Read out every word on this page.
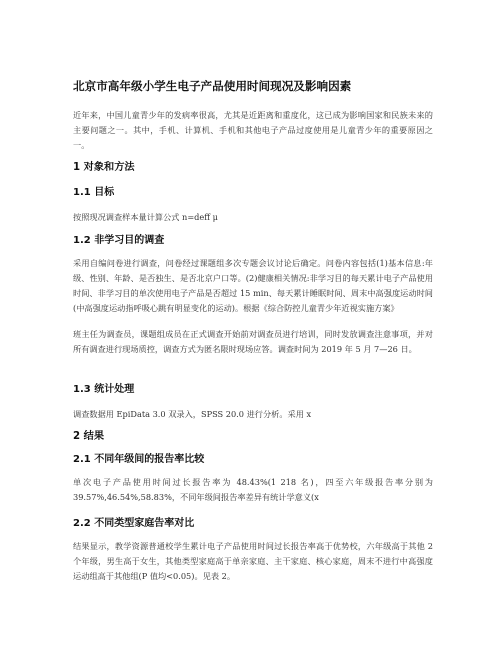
北京市高年级小学生电子产品使用时间现况及影响因素

近年来，中国儿童青少年的发病率很高，尤其是近距离和重度化，这已成为影响国家和民族未来的主要问题之一。其中，手机、计算机、手机和其他电子产品过度使用是儿童青少年的重要原因之一。

1 对象和方法
1.1 目标

按照现况调查样本量计算公式 n=deff μ

1.2 非学习目的调查

采用自编问卷进行调查，问卷经过课题组多次专题会议讨论后确定。问卷内容包括(1)基本信息:年级、性别、年龄、是否独生、是否北京户口等。(2)健康相关情况:非学习目的每天累计电子产品使用时间、非学习目的单次使用电子产品是否超过 15 min、每天累计睡眠时间、周末中高强度运动时间(中高强度运动指呼吸心跳有明显变化的运动)。根据《综合防控儿童青少年近视实施方案》

班主任为调查员，课题组成员在正式调查开始前对调查员进行培训，同时发放调查注意事项，并对所有调查进行现场质控，调查方式为匿名限时现场应答。调查时间为 2019 年 5 月 7—26 日。

1.3 统计处理

调查数据用 EpiData 3.0 双录入，SPSS 20.0 进行分析。采用 x

2 结果
2.1 不同年级间的报告率比较

单次电子产品使用时间过长报告率为 48.43%(1 218 名)，四至六年级报告率分别为 39.57%,46.54%,58.83%，不同年级间报告率差异有统计学意义(x

2.2 不同类型家庭告率对比

结果显示，教学资源普通校学生累计电子产品使用时间过长报告率高于优势校，六年级高于其他 2 个年级，男生高于女生，其他类型家庭高于单亲家庭、主干家庭、核心家庭，周末不进行中高强度运动组高于其他组(P 值均<0.05)。见表 2。
